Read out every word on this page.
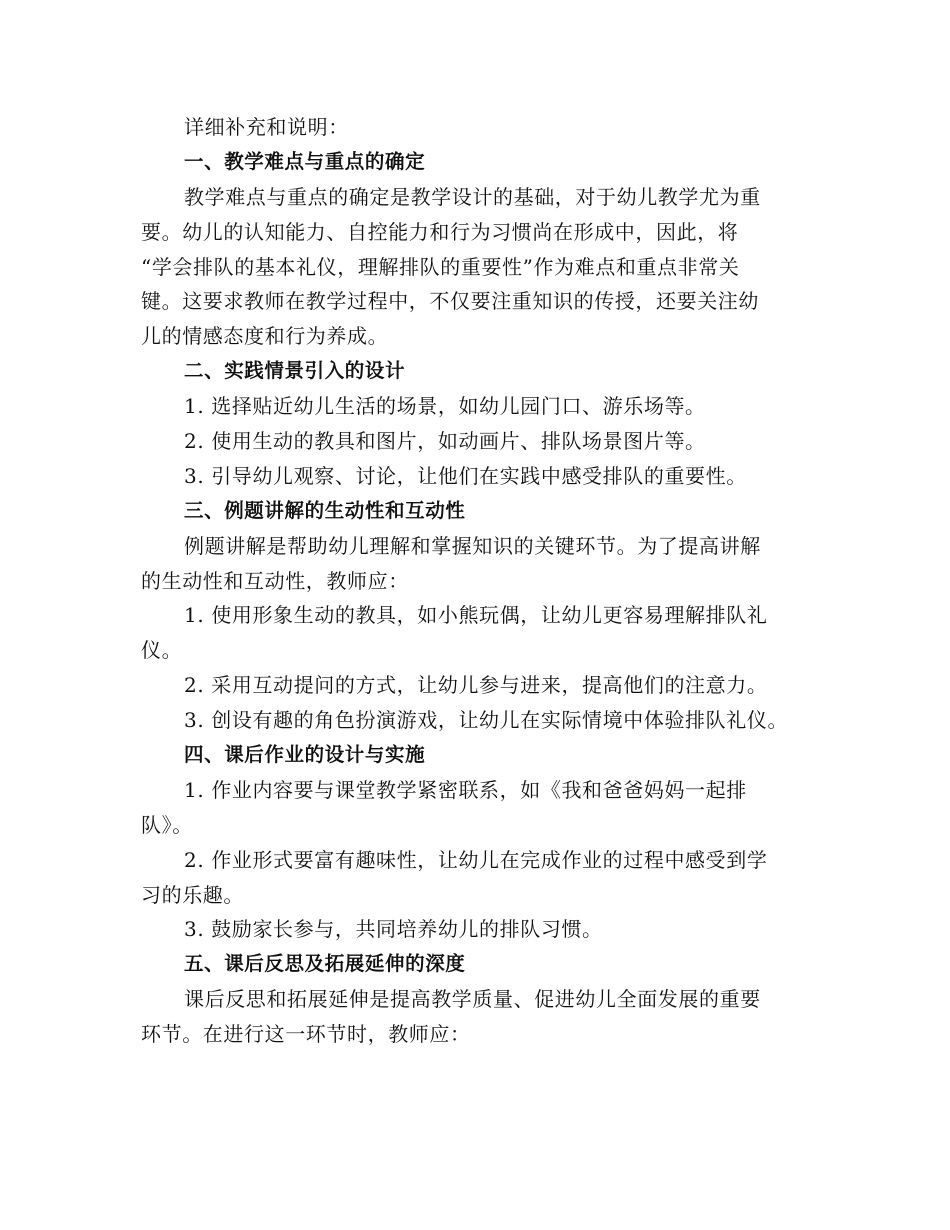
详细补充和说明：
一、教学难点与重点的确定
教学难点与重点的确定是教学设计的基础，对于幼儿教学尤为重
要。幼儿的认知能力、自控能力和行为习惯尚在形成中，因此，将
“学会排队的基本礼仪，理解排队的重要性”作为难点和重点非常关
键。这要求教师在教学过程中，不仅要注重知识的传授，还要关注幼
儿的情感态度和行为养成。
二、实践情景引入的设计
1. 选择贴近幼儿生活的场景，如幼儿园门口、游乐场等。
2. 使用生动的教具和图片，如动画片、排队场景图片等。
3. 引导幼儿观察、讨论，让他们在实践中感受排队的重要性。
三、例题讲解的生动性和互动性
例题讲解是帮助幼儿理解和掌握知识的关键环节。为了提高讲解
的生动性和互动性，教师应：
1. 使用形象生动的教具，如小熊玩偶，让幼儿更容易理解排队礼
仪。
2. 采用互动提问的方式，让幼儿参与进来，提高他们的注意力。
3. 创设有趣的角色扮演游戏，让幼儿在实际情境中体验排队礼仪。
四、课后作业的设计与实施
1. 作业内容要与课堂教学紧密联系，如《我和爸爸妈妈一起排
队》。
2. 作业形式要富有趣味性，让幼儿在完成作业的过程中感受到学
习的乐趣。
3. 鼓励家长参与，共同培养幼儿的排队习惯。
五、课后反思及拓展延伸的深度
课后反思和拓展延伸是提高教学质量、促进幼儿全面发展的重要
环节。在进行这一环节时，教师应：
